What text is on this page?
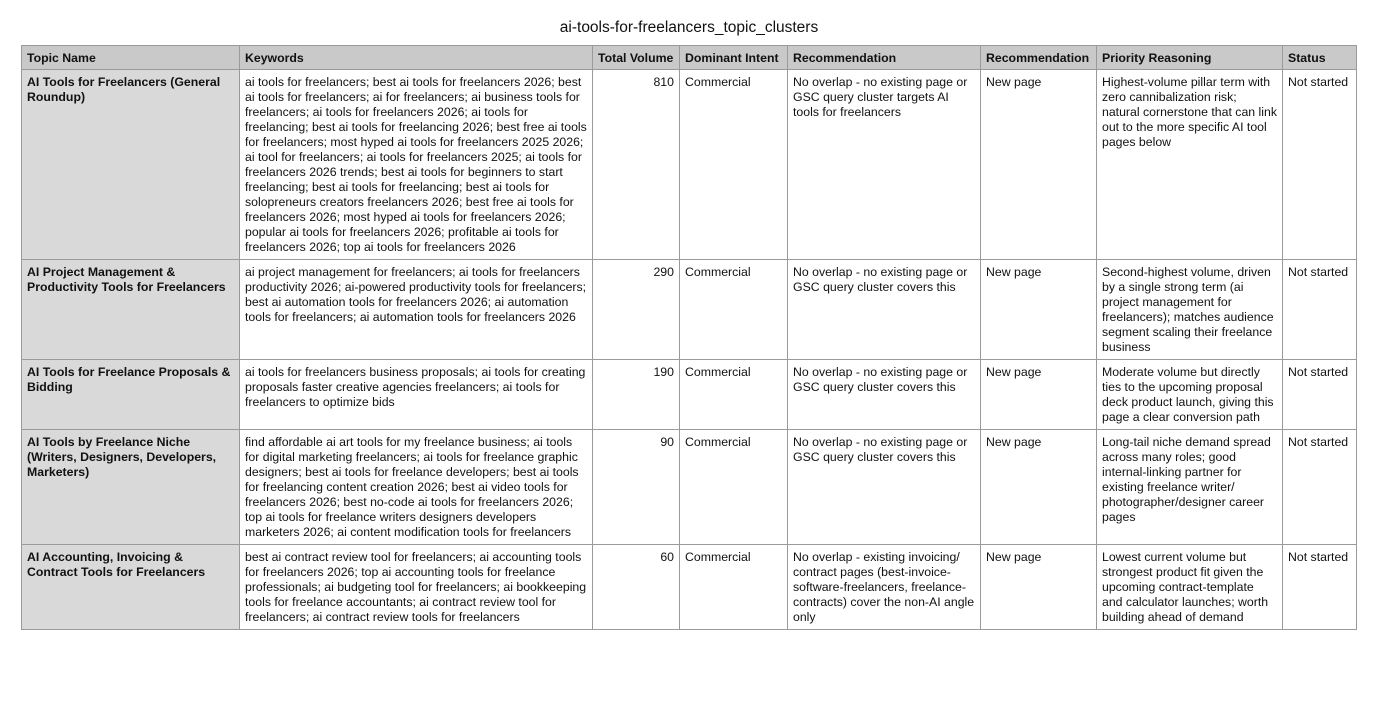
ai-tools-for-freelancers_topic_clusters
Topic Name	Keywords	Total Volume	Dominant Intent	Recommendation	Recommendation	Priority Reasoning	Status
AI Tools for Freelancers (General Roundup)	ai tools for freelancers; best ai tools for freelancers 2026; best ai tools for freelancers; ai for freelancers; ai business tools for freelancers; ai tools for freelancers 2026; ai tools for freelancing; best ai tools for freelancing 2026; best free ai tools for freelancers; most hyped ai tools for freelancers 2025 2026; ai tool for freelancers; ai tools for freelancers 2025; ai tools for freelancers 2026 trends; best ai tools for beginners to start freelancing; best ai tools for freelancing; best ai tools for solopreneurs creators freelancers 2026; best free ai tools for freelancers 2026; most hyped ai tools for freelancers 2026; popular ai tools for freelancers 2026; profitable ai tools for freelancers 2026; top ai tools for freelancers 2026	810	Commercial	No overlap - no existing page or GSC query cluster targets AI tools for freelancers	New page	Highest-volume pillar term with zero cannibalization risk; natural cornerstone that can link out to the more specific AI tool pages below	Not started
AI Project Management & Productivity Tools for Freelancers	ai project management for freelancers; ai tools for freelancers productivity 2026; ai-powered productivity tools for freelancers; best ai automation tools for freelancers 2026; ai automation tools for freelancers; ai automation tools for freelancers 2026	290	Commercial	No overlap - no existing page or GSC query cluster covers this	New page	Second-highest volume, driven by a single strong term (ai project management for freelancers); matches audience segment scaling their freelance business	Not started
AI Tools for Freelance Proposals & Bidding	ai tools for freelancers business proposals; ai tools for creating proposals faster creative agencies freelancers; ai tools for freelancers to optimize bids	190	Commercial	No overlap - no existing page or GSC query cluster covers this	New page	Moderate volume but directly ties to the upcoming proposal deck product launch, giving this page a clear conversion path	Not started
AI Tools by Freelance Niche (Writers, Designers, Developers, Marketers)	find affordable ai art tools for my freelance business; ai tools for digital marketing freelancers; ai tools for freelance graphic designers; best ai tools for freelance developers; best ai tools for freelancing content creation 2026; best ai video tools for freelancers 2026; best no-code ai tools for freelancers 2026; top ai tools for freelance writers designers developers marketers 2026; ai content modification tools for freelancers	90	Commercial	No overlap - no existing page or GSC query cluster covers this	New page	Long-tail niche demand spread across many roles; good internal-linking partner for existing freelance writer/ photographer/designer career pages	Not started
AI Accounting, Invoicing & Contract Tools for Freelancers	best ai contract review tool for freelancers; ai accounting tools for freelancers 2026; top ai accounting tools for freelance professionals; ai budgeting tool for freelancers; ai bookkeeping tools for freelance accountants; ai contract review tool for freelancers; ai contract review tools for freelancers	60	Commercial	No overlap - existing invoicing/ contract pages (best-invoice-software-freelancers, freelance-contracts) cover the non-AI angle only	New page	Lowest current volume but strongest product fit given the upcoming contract-template and calculator launches; worth building ahead of demand	Not started
